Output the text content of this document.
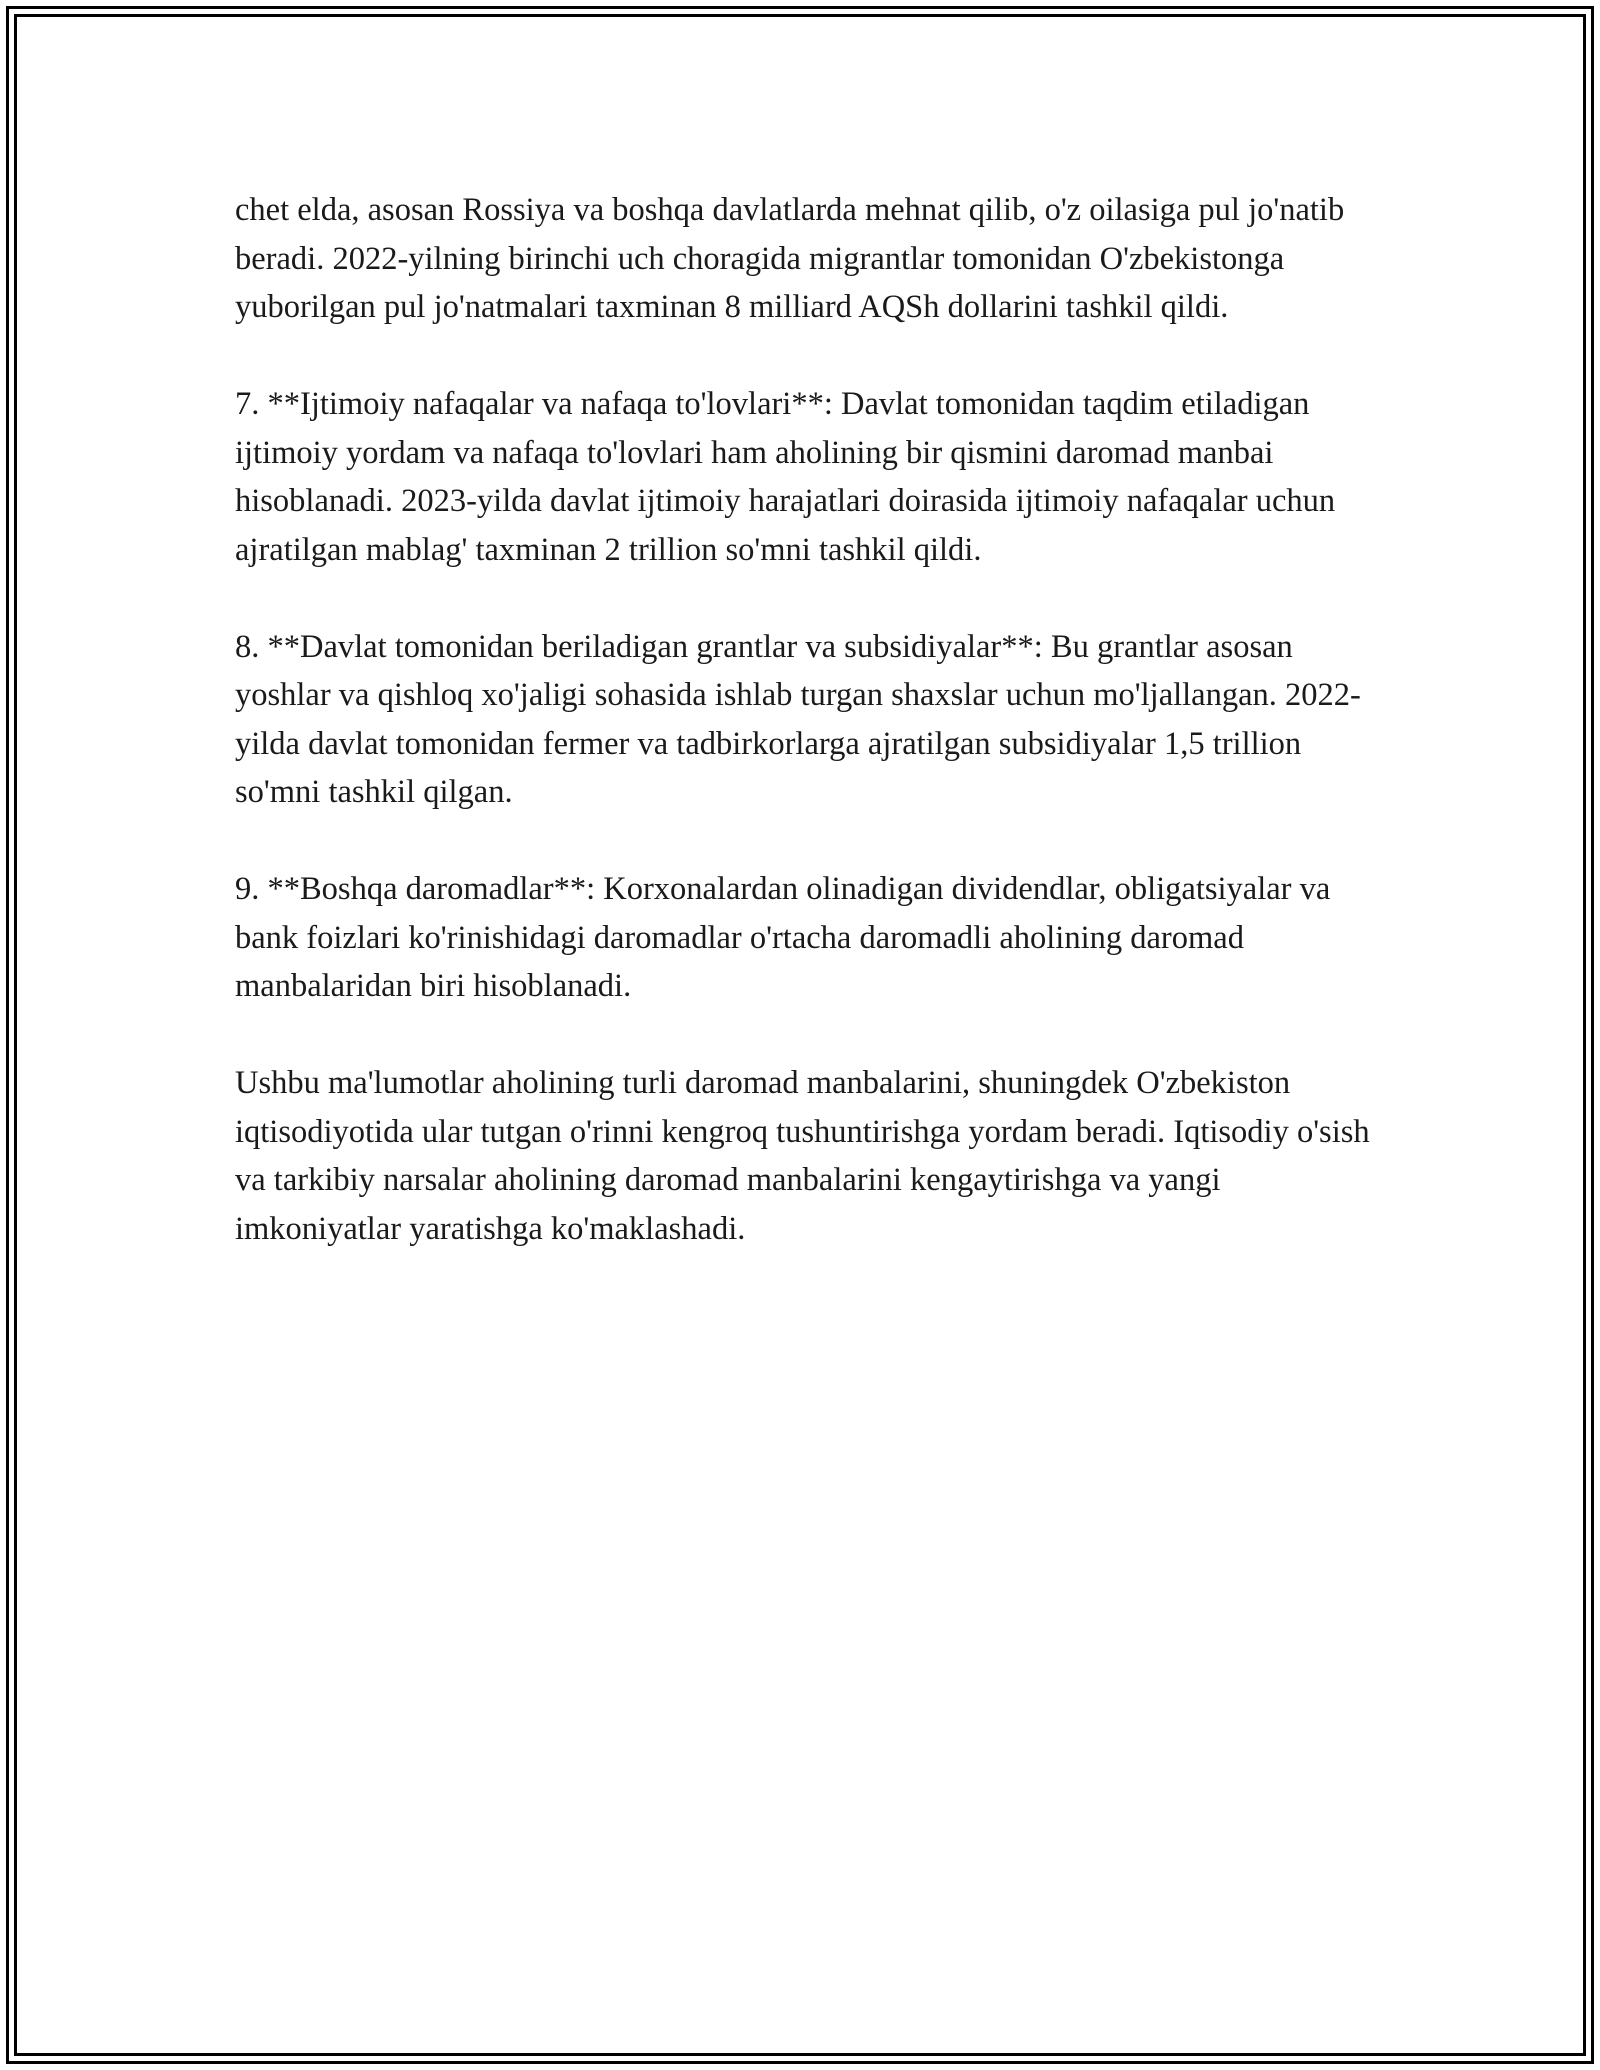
chet elda, asosan Rossiya va boshqa davlatlarda mehnat qilib, o'z oilasiga pul jo'natib beradi. 2022-yilning birinchi uch choragida migrantlar tomonidan O'zbekistonga yuborilgan pul jo'natmalari taxminan 8 milliard AQSh dollarini tashkil qildi.

7. **Ijtimoiy nafaqalar va nafaqa to'lovlari**: Davlat tomonidan taqdim etiladigan ijtimoiy yordam va nafaqa to'lovlari ham aholining bir qismini daromad manbai hisoblanadi. 2023-yilda davlat ijtimoiy harajatlari doirasida ijtimoiy nafaqalar uchun ajratilgan mablag' taxminan 2 trillion so'mni tashkil qildi.

8. **Davlat tomonidan beriladigan grantlar va subsidiyalar**: Bu grantlar asosan yoshlar va qishloq xo'jaligi sohasida ishlab turgan shaxslar uchun mo'ljallangan. 2022-yilda davlat tomonidan fermer va tadbirkorlarga ajratilgan subsidiyalar 1,5 trillion so'mni tashkil qilgan.

9. **Boshqa daromadlar**: Korxonalardan olinadigan dividendlar, obligatsiyalar va bank foizlari ko'rinishidagi daromadlar o'rtacha daromadli aholining daromad manbalaridan biri hisoblanadi.

Ushbu ma'lumotlar aholining turli daromad manbalarini, shuningdek O'zbekiston iqtisodiyotida ular tutgan o'rinni kengroq tushuntirishga yordam beradi. Iqtisodiy o'sish va tarkibiy narsalar aholining daromad manbalarini kengaytirishga va yangi imkoniyatlar yaratishga ko'maklashadi.
